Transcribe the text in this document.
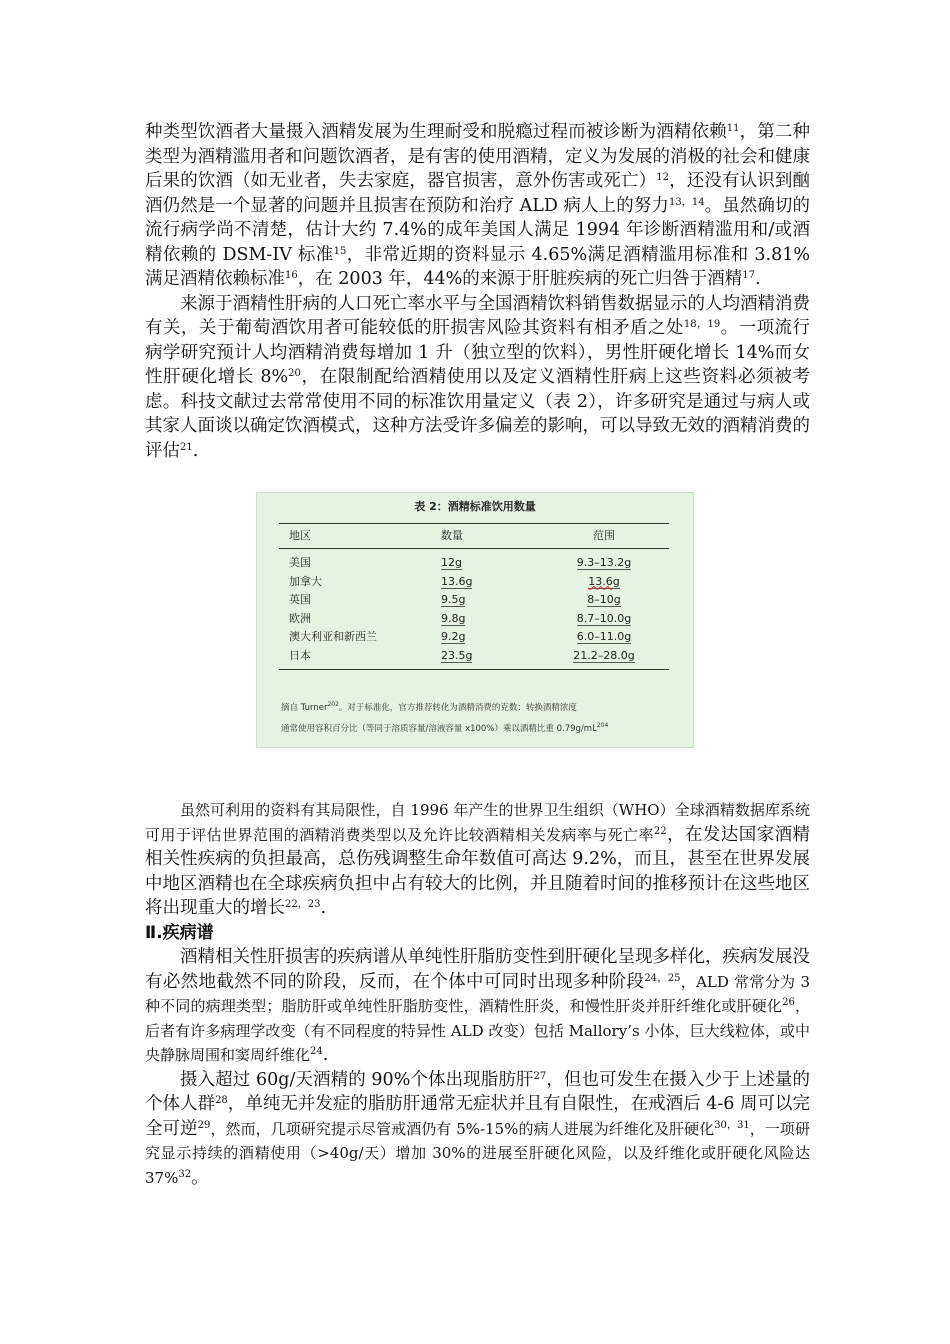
种类型饮酒者大量摄入酒精发展为生理耐受和脱瘾过程而被诊断为酒精依赖$^{11}$，第二种类型为酒精滥用者和问题饮酒者，是有害的使用酒精，定义为发展的消极的社会和健康后果的饮酒（如无业者，失去家庭，器官损害，意外伤害或死亡）$^{12}$，还没有认识到酗酒仍然是一个显著的问题并且损害在预防和治疗 ALD 病人上的努力$^{13,14}$。虽然确切的流行病学尚不清楚，估计大约 7.4%的成年美国人满足 1994 年诊断酒精滥用和/或酒精依赖的 DSM-IV 标准$^{15}$，非常近期的资料显示 4.65%满足酒精滥用标准和 3.81%满足酒精依赖标准$^{16}$，在 2003 年，44%的来源于肝脏疾病的死亡归咎于酒精$^{17}$.

来源于酒精性肝病的人口死亡率水平与全国酒精饮料销售数据显示的人均酒精消费有关，关于葡萄酒饮用者可能较低的肝损害风险其资料有相矛盾之处$^{18,19}$。一项流行病学研究预计人均酒精消费每增加 1 升（独立型的饮料），男性肝硬化增长 14%而女性肝硬化增长 8%$^{20}$，在限制配给酒精使用以及定义酒精性肝病上这些资料必须被考虑。科技文献过去常常使用不同的标准饮用量定义（表 2），许多研究是通过与病人或其家人面谈以确定饮酒模式，这种方法受许多偏差的影响，可以导致无效的酒精消费的评估$^{21}$.

表 2：酒精标准饮用数量
地区	数量	范围
美国	12g	9.3–13.2g
加拿大	13.6g	13.6g
英国	9.5g	8–10g
欧洲	9.8g	8.7–10.0g
澳大利亚和新西兰	9.2g	6.0–11.0g
日本	23.5g	21.2–28.0g
摘自 Turner$^{202}$。对于标准化，官方推荐转化为酒精消费的克数：转换酒精浓度
通常使用容积百分比（等同于溶质容量/溶液容量 x100%）乘以酒精比重 $0.79g/mL^{204}$

虽然可利用的资料有其局限性，自 1996 年产生的世界卫生组织（WHO）全球酒精数据库系统可用于评估世界范围的酒精消费类型以及允许比较酒精相关发病率与死亡率$^{22}$，在发达国家酒精相关性疾病的负担最高，总伤残调整生命年数值可高达 9.2%，而且，甚至在世界发展中地区酒精也在全球疾病负担中占有较大的比例，并且随着时间的推移预计在这些地区将出现重大的增长$^{22,23}$.

Ⅱ.疾病谱

酒精相关性肝损害的疾病谱从单纯性肝脂肪变性到肝硬化呈现多样化，疾病发展没有必然地截然不同的阶段，反而，在个体中可同时出现多种阶段$^{24,25}$，ALD 常常分为 3 种不同的病理类型；脂肪肝或单纯性肝脂肪变性，酒精性肝炎，和慢性肝炎并肝纤维化或肝硬化$^{26}$，后者有许多病理学改变（有不同程度的特异性 ALD 改变）包括 Mallory’s 小体，巨大线粒体，或中央静脉周围和窦周纤维化$^{24}$.

摄入超过 60g/天酒精的 90%个体出现脂肪肝$^{27}$，但也可发生在摄入少于上述量的个体人群$^{28}$，单纯无并发症的脂肪肝通常无症状并且有自限性，在戒酒后 4-6 周可以完全可逆$^{29}$，然而，几项研究提示尽管戒酒仍有 5%-15%的病人进展为纤维化及肝硬化$^{30,31}$，一项研究显示持续的酒精使用（>40g/天）增加 30%的进展至肝硬化风险，以及纤维化或肝硬化风险达 37%$^{32}$。
